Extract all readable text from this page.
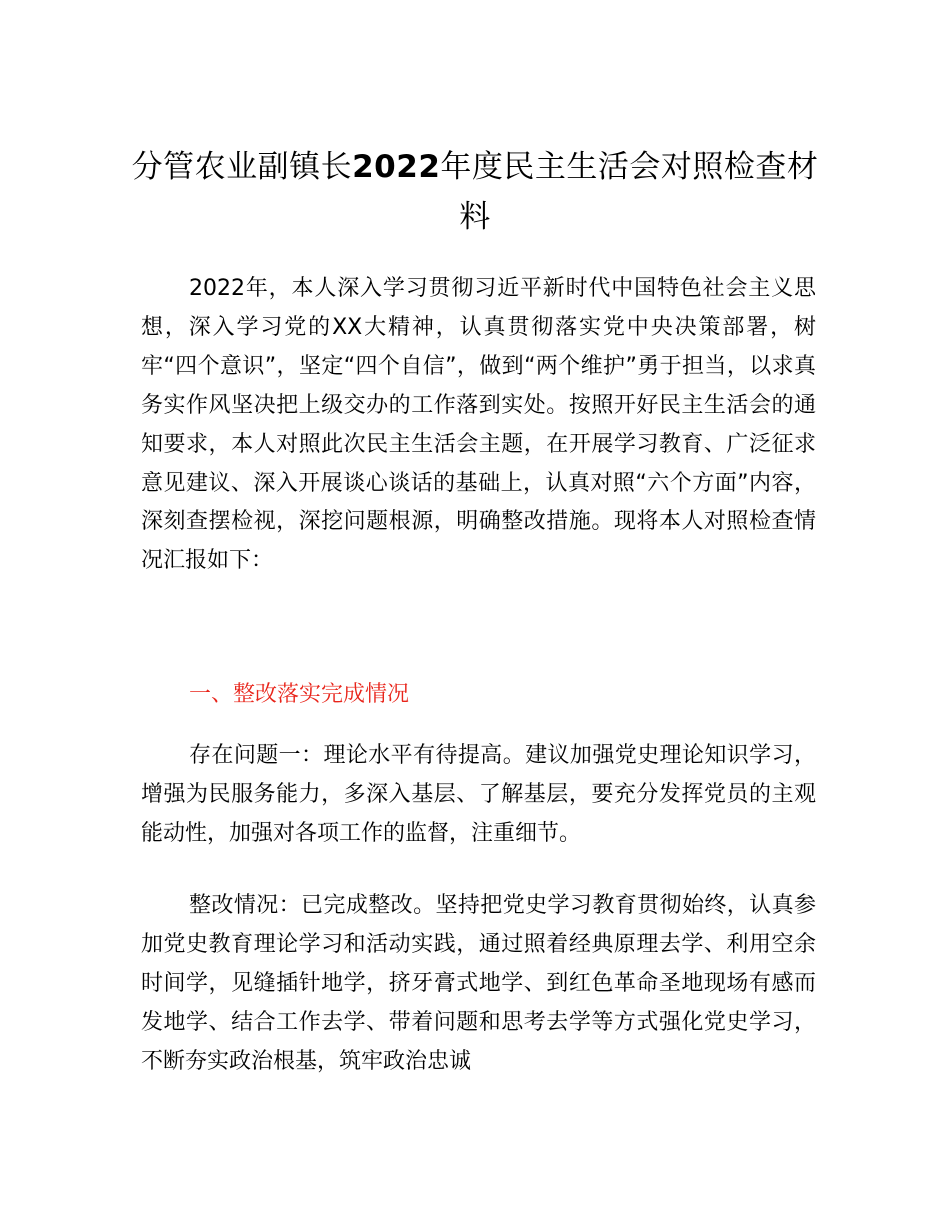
分管农业副镇长2022年度民主生活会对照检查材料

2022年，本人深入学习贯彻习近平新时代中国特色社会主义思想，深入学习党的XX大精神，认真贯彻落实党中央决策部署，树牢“四个意识”，坚定“四个自信”，做到“两个维护”勇于担当，以求真务实作风坚决把上级交办的工作落到实处。按照开好民主生活会的通知要求，本人对照此次民主生活会主题，在开展学习教育、广泛征求意见建议、深入开展谈心谈话的基础上，认真对照“六个方面”内容，深刻查摆检视，深挖问题根源，明确整改措施。现将本人对照检查情况汇报如下：

一、整改落实完成情况

存在问题一：理论水平有待提高。建议加强党史理论知识学习，增强为民服务能力，多深入基层、了解基层，要充分发挥党员的主观能动性，加强对各项工作的监督，注重细节。

整改情况：已完成整改。坚持把党史学习教育贯彻始终，认真参加党史教育理论学习和活动实践，通过照着经典原理去学、利用空余时间学，见缝插针地学，挤牙膏式地学、到红色革命圣地现场有感而发地学、结合工作去学、带着问题和思考去学等方式强化党史学习，不断夯实政治根基，筑牢政治忠诚
